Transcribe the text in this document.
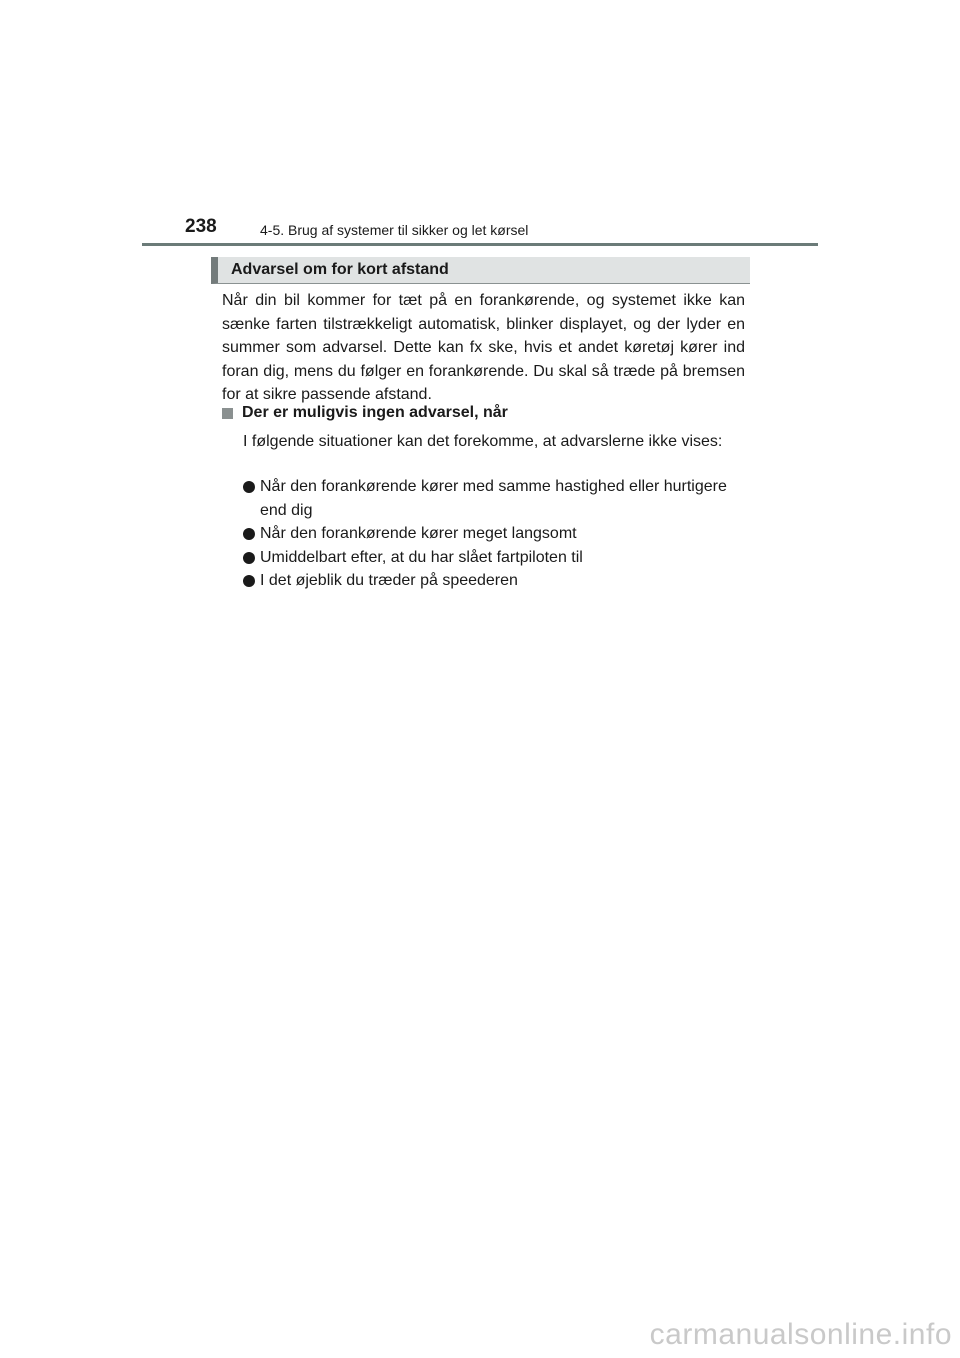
238	4-5. Brug af systemer til sikker og let kørsel
Advarsel om for kort afstand

Når din bil kommer for tæt på en forankørende, og systemet ikke kan sænke farten tilstrækkeligt automatisk, blinker displayet, og der lyder en summer som advarsel. Dette kan fx ske, hvis et andet køretøj kører ind foran dig, mens du følger en forankørende. Du skal så træde på bremsen for at sikre passende afstand.

Der er muligvis ingen advarsel, når

I følgende situationer kan det forekomme, at advarslerne ikke vises:

Når den forankørende kører med samme hastighed eller hurtigere end dig
Når den forankørende kører meget langsomt
Umiddelbart efter, at du har slået fartpiloten til
I det øjeblik du træder på speederen
carmanualsonline.info
